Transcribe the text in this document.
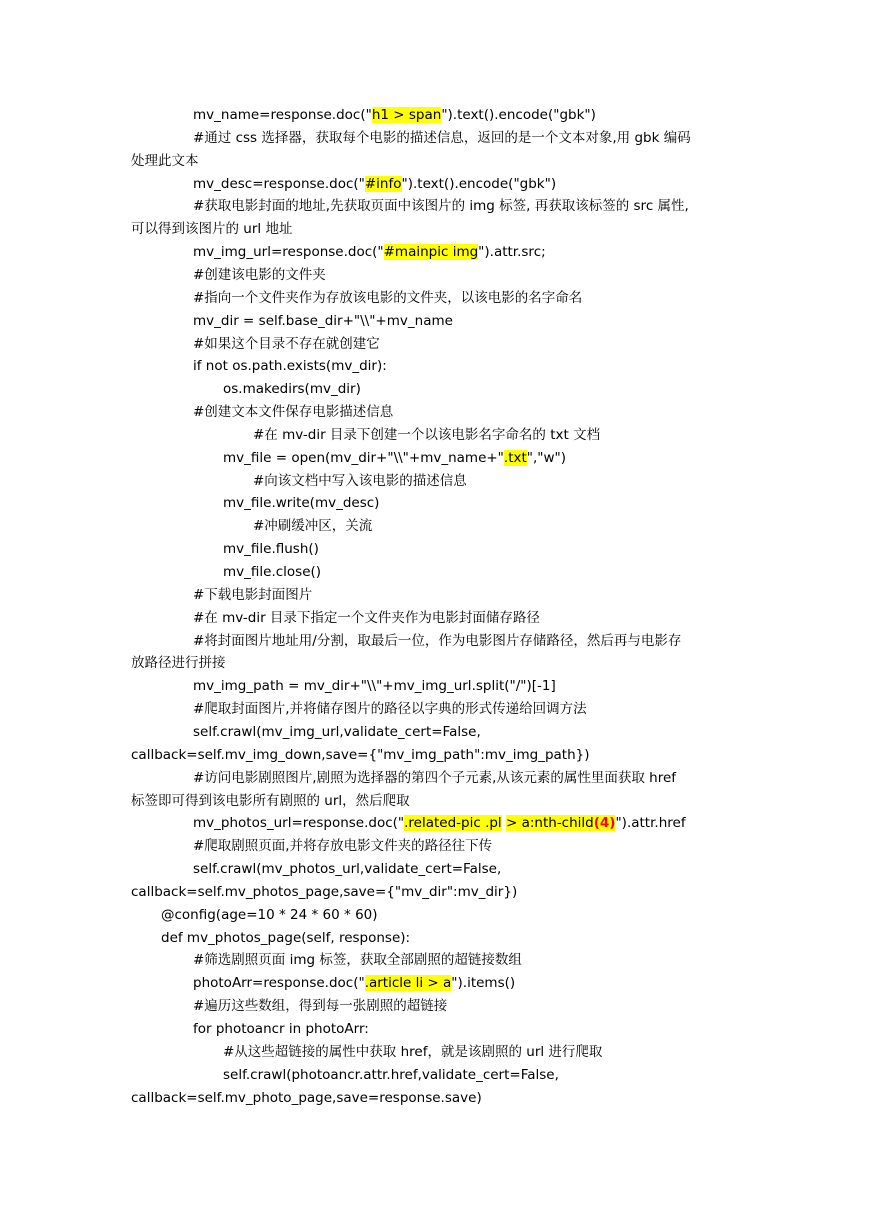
mv_name=response.doc("h1 > span").text().encode("gbk")
#通过 css 选择器，获取每个电影的描述信息，返回的是一个文本对象,用 gbk 编码
处理此文本
mv_desc=response.doc("#info").text().encode("gbk")
#获取电影封面的地址,先获取页面中该图片的 img 标签, 再获取该标签的 src 属性,
可以得到该图片的 url 地址
mv_img_url=response.doc("#mainpic img").attr.src;
#创建该电影的文件夹
#指向一个文件夹作为存放该电影的文件夹，以该电影的名字命名
mv_dir = self.base_dir+"\\"+mv_name
#如果这个目录不存在就创建它
if not os.path.exists(mv_dir):
os.makedirs(mv_dir)
#创建文本文件保存电影描述信息
#在 mv-dir 目录下创建一个以该电影名字命名的 txt 文档
mv_file = open(mv_dir+"\\"+mv_name+".txt","w")
#向该文档中写入该电影的描述信息
mv_file.write(mv_desc)
#冲刷缓冲区，关流
mv_file.flush()
mv_file.close()
#下载电影封面图片
#在 mv-dir 目录下指定一个文件夹作为电影封面储存路径
#将封面图片地址用/分割，取最后一位，作为电影图片存储路径，然后再与电影存
放路径进行拼接
mv_img_path = mv_dir+"\\"+mv_img_url.split("/")[-1]
#爬取封面图片,并将储存图片的路径以字典的形式传递给回调方法
self.crawl(mv_img_url,validate_cert=False,
callback=self.mv_img_down,save={"mv_img_path":mv_img_path})
#访问电影剧照图片,剧照为选择器的第四个子元素,从该元素的属性里面获取 href
标签即可得到该电影所有剧照的 url，然后爬取
mv_photos_url=response.doc(".related-pic .pl > a:nth-child(4)").attr.href
#爬取剧照页面,并将存放电影文件夹的路径往下传
self.crawl(mv_photos_url,validate_cert=False,
callback=self.mv_photos_page,save={"mv_dir":mv_dir})
@config(age=10 * 24 * 60 * 60)
def mv_photos_page(self, response):
#筛选剧照页面 img 标签，获取全部剧照的超链接数组
photoArr=response.doc(".article li > a").items()
#遍历这些数组，得到每一张剧照的超链接
for photoancr in photoArr:
#从这些超链接的属性中获取 href，就是该剧照的 url 进行爬取
self.crawl(photoancr.attr.href,validate_cert=False,
callback=self.mv_photo_page,save=response.save)
